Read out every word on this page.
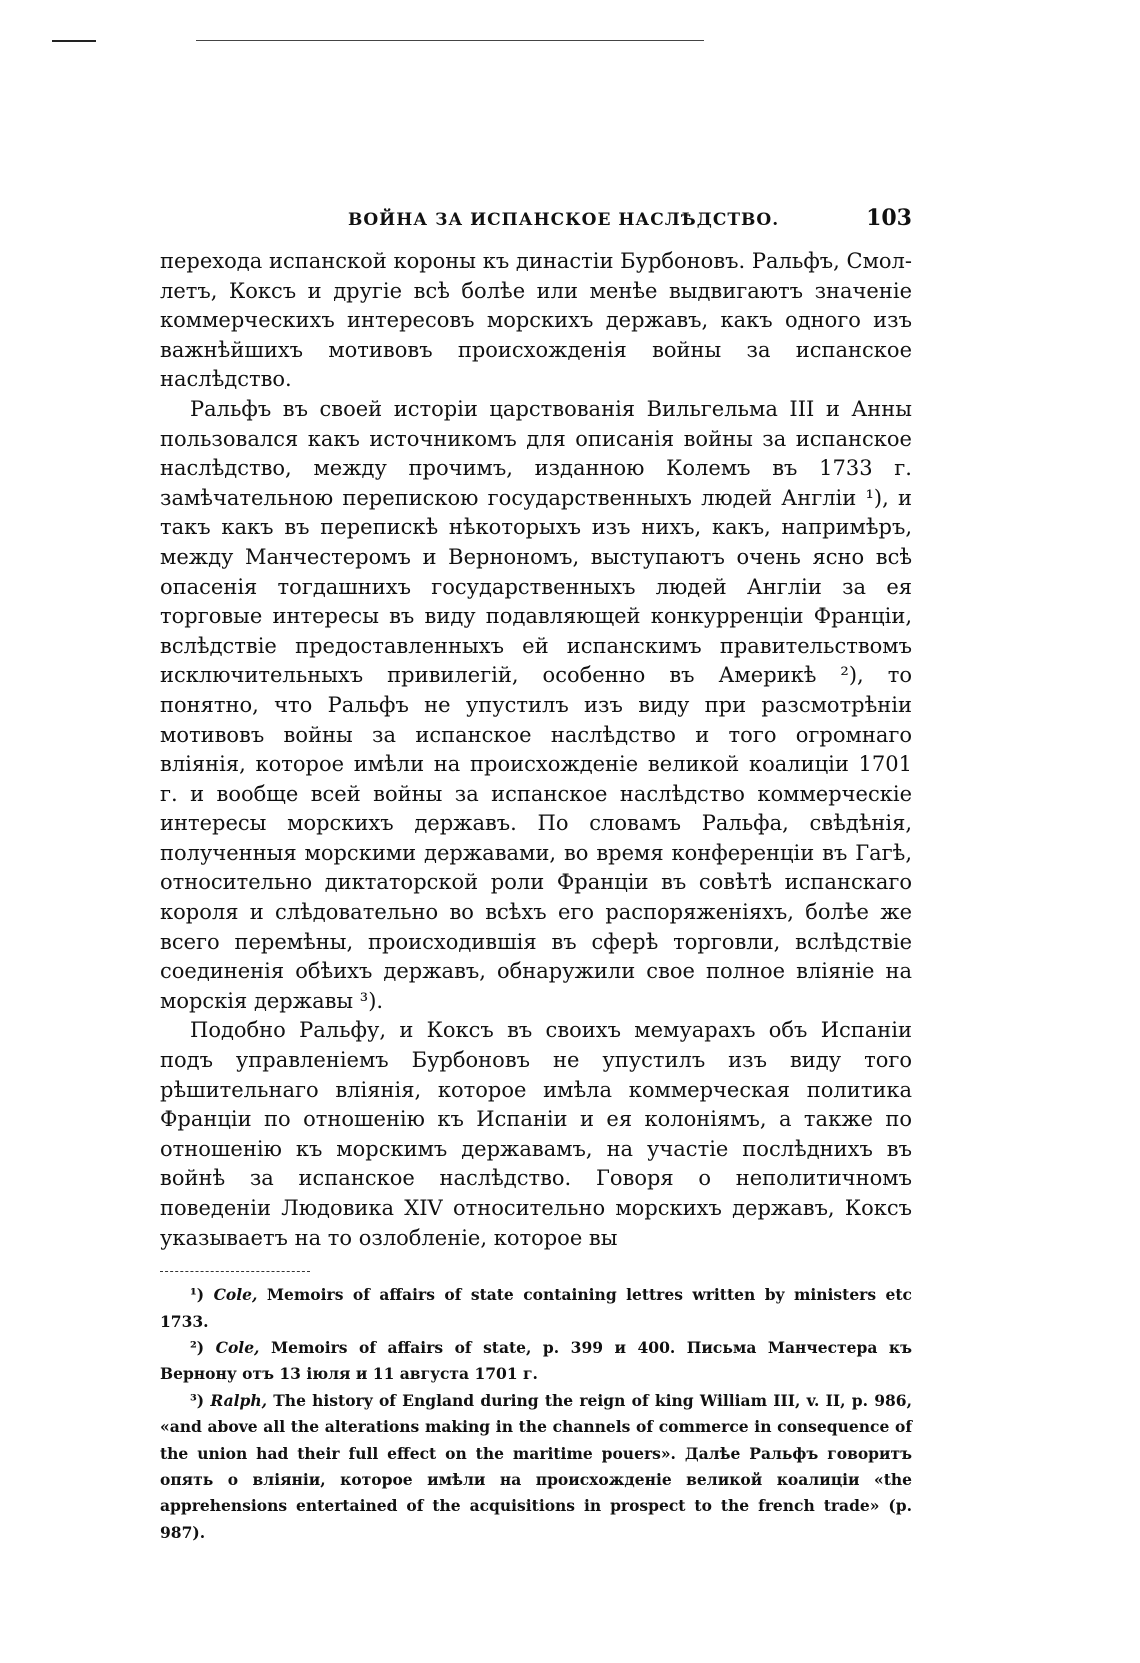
ВОЙНА ЗА ИСПАНСКОЕ НАСЛѢДСТВО.	103

перехода испанской короны къ династіи Бурбоновъ. Ральфъ, Смоллетъ, Коксъ и другіе всѣ болѣе или менѣе выдвигаютъ значеніе коммерческихъ интересовъ морскихъ державъ, какъ одного изъ важнѣйшихъ мотивовъ происхожденія войны за испанское наслѣдство.

Ральфъ въ своей исторіи царствованія Вильгельма III и Анны пользовался какъ источникомъ для описанія войны за испанское наслѣдство, между прочимъ, изданною Колемъ въ 1733 г. замѣчательною перепискою государственныхъ людей Англіи ¹), и такъ какъ въ перепискѣ нѣкоторыхъ изъ нихъ, какъ, напримѣръ, между Манчестеромъ и Вернономъ, выступаютъ очень ясно всѣ опасенія тогдашнихъ государственныхъ людей Англіи за ея торговые интересы въ виду подавляющей конкурренціи Франціи, вслѣдствіе предоставленныхъ ей испанскимъ правительствомъ исключительныхъ привилегій, особенно въ Америкѣ ²), то понятно, что Ральфъ не упустилъ изъ виду при разсмотрѣніи мотивовъ войны за испанское наслѣдство и того огромнаго вліянія, которое имѣли на происхожденіе великой коалиціи 1701 г. и вообще всей войны за испанское наслѣдство коммерческіе интересы морскихъ державъ. По словамъ Ральфа, свѣдѣнія, полученныя морскими державами, во время конференціи въ Гагѣ, относительно диктаторской роли Франціи въ совѣтѣ испанскаго короля и слѣдовательно во всѣхъ его распоряженіяхъ, болѣе же всего перемѣны, происходившія въ сферѣ торговли, вслѣдствіе соединенія обѣихъ державъ, обнаружили свое полное вліяніе на морскія державы ³).

Подобно Ральфу, и Коксъ въ своихъ мемуарахъ объ Испаніи подъ управленіемъ Бурбоновъ не упустилъ изъ виду того рѣшительнаго вліянія, которое имѣла коммерческая политика Франціи по отношенію къ Испаніи и ея колоніямъ, а также по отношенію къ морскимъ державамъ, на участіе послѣднихъ въ войнѣ за испанское наслѣдство. Говоря о неполитичномъ поведеніи Людовика XIV относительно морскихъ державъ, Коксъ указываетъ на то озлобленіе, которое вы

¹) Cole, Memoirs of affairs of state containing lettres written by ministers etc 1733.

²) Cole, Memoirs of affairs of state, p. 399 и 400. Письма Манчестера къ Вернону отъ 13 іюля и 11 августа 1701 г.

³) Ralph, The history of England during the reign of king William III, v. II, p. 986, «and above all the alterations making in the channels of commerce in consequence of the union had their full effect on the maritime pouers». Далѣе Ральфъ говоритъ опять о вліяніи, которое имѣли на происхожденіе великой коалиціи «the apprehensions entertained of the acquisitions in prospect to the french trade» (p. 987).
